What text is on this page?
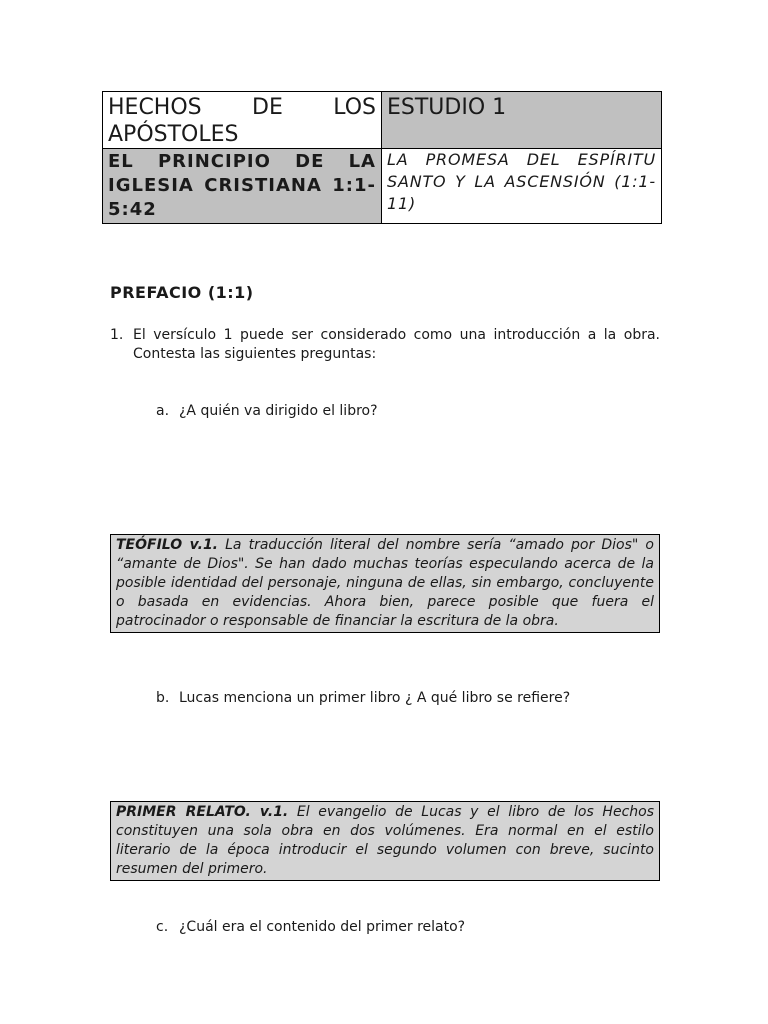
HECHOS DE LOS APÓSTOLES	ESTUDIO 1
EL PRINCIPIO DE LA IGLESIA CRISTIANA 1:1-5:42	LA PROMESA DEL ESPÍRITU SANTO Y LA ASCENSIÓN (1:1-11)
PREFACIO (1:1)
1. El versículo 1 puede ser considerado como una introducción a la obra. Contesta las siguientes preguntas:

a. ¿A quién va dirigido el libro?

TEÓFILO v.1. La traducción literal del nombre sería “amado por Dios" o “amante de Dios". Se han dado muchas teorías especulando acerca de la posible identidad del personaje, ninguna de ellas, sin embargo, concluyente o basada en evidencias. Ahora bien, parece posible que fuera el patrocinador o responsable de financiar la escritura de la obra.

b. Lucas menciona un primer libro ¿ A qué libro se refiere?

PRIMER RELATO. v.1. El evangelio de Lucas y el libro de los Hechos constituyen una sola obra en dos volúmenes. Era normal en el estilo literario de la época introducir el segundo volumen con breve, sucinto resumen del primero.

c. ¿Cuál era el contenido del primer relato?
